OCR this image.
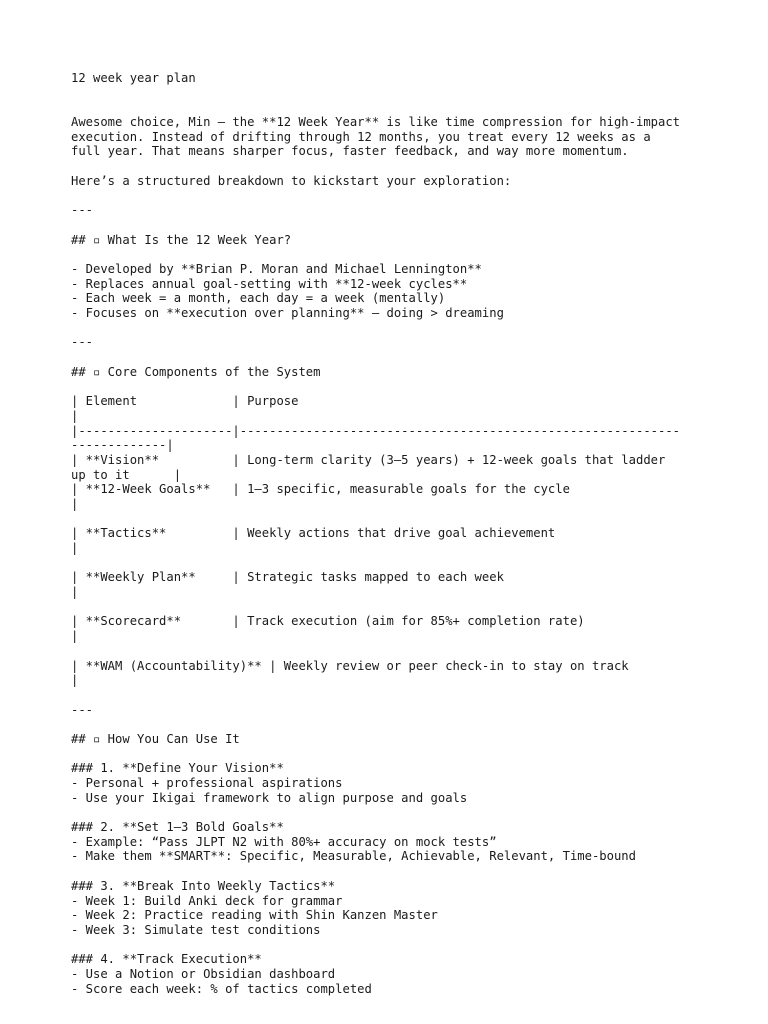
12 week year plan
Awesome choice, Min — the **12 Week Year** is like time compression for high-impact
execution. Instead of drifting through 12 months, you treat every 12 weeks as a
full year. That means sharper focus, faster feedback, and way more momentum.
Here’s a structured breakdown to kickstart your exploration:
---
## ▫ What Is the 12 Week Year?
- Developed by **Brian P. Moran and Michael Lennington**
- Replaces annual goal-setting with **12-week cycles**
- Each week = a month, each day = a week (mentally)
- Focuses on **execution over planning** — doing > dreaming
---
## ▫ Core Components of the System
| Element             | Purpose
|
|---------------------|------------------------------------------------------------
-------------|
| **Vision**          | Long-term clarity (3–5 years) + 12-week goals that ladder
up to it      |
| **12-Week Goals**   | 1–3 specific, measurable goals for the cycle
|
| **Tactics**         | Weekly actions that drive goal achievement
|
| **Weekly Plan**     | Strategic tasks mapped to each week
|
| **Scorecard**       | Track execution (aim for 85%+ completion rate)
|
| **WAM (Accountability)** | Weekly review or peer check-in to stay on track
|
---
## ▫ How You Can Use It
### 1. **Define Your Vision**
- Personal + professional aspirations
- Use your Ikigai framework to align purpose and goals
### 2. **Set 1–3 Bold Goals**
- Example: “Pass JLPT N2 with 80%+ accuracy on mock tests”
- Make them **SMART**: Specific, Measurable, Achievable, Relevant, Time-bound
### 3. **Break Into Weekly Tactics**
- Week 1: Build Anki deck for grammar
- Week 2: Practice reading with Shin Kanzen Master
- Week 3: Simulate test conditions
### 4. **Track Execution**
- Use a Notion or Obsidian dashboard
- Score each week: % of tactics completed
